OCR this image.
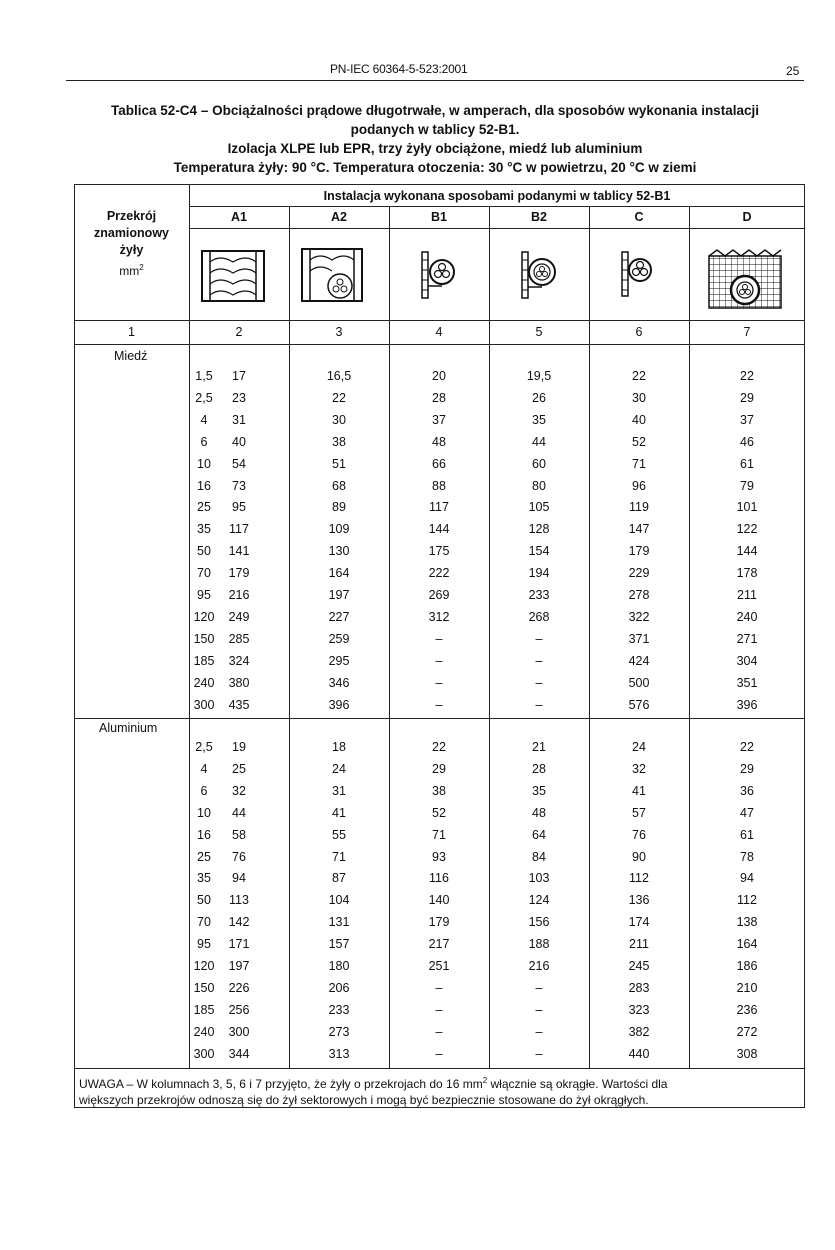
PN-IEC 60364-5-523:2001	25
Tablica 52-C4 – Obciążalności prądowe długotrwałe, w amperach, dla sposobów wykonania instalacji
podanych w tablicy 52-B1.
Izolacja XLPE lub EPR, trzy żyły obciążone, miedź lub aluminium
Temperatura żyły: 90 °C. Temperatura otoczenia: 30 °C w powietrzu, 20 °C w ziemi
Przekrój
znamionowy
żyły
$mm^2$
Instalacja wykonana sposobami podanymi w tablicy 52-B1
A1	A2	B1	B2	C	D
1	2	3	4	5	6	7
Miedź
1,5	17	16,5	20	19,5	22	22
2,5	23	22	28	26	30	29
4	31	30	37	35	40	37
6	40	38	48	44	52	46
10	54	51	66	60	71	61
16	73	68	88	80	96	79
25	95	89	117	105	119	101
35	117	109	144	128	147	122
50	141	130	175	154	179	144
70	179	164	222	194	229	178
95	216	197	269	233	278	211
120	249	227	312	268	322	240
150	285	259	–	–	371	271
185	324	295	–	–	424	304
240	380	346	–	–	500	351
300	435	396	–	–	576	396
Aluminium
2,5	19	18	22	21	24	22
4	25	24	29	28	32	29
6	32	31	38	35	41	36
10	44	41	52	48	57	47
16	58	55	71	64	76	61
25	76	71	93	84	90	78
35	94	87	116	103	112	94
50	113	104	140	124	136	112
70	142	131	179	156	174	138
95	171	157	217	188	211	164
120	197	180	251	216	245	186
150	226	206	–	–	283	210
185	256	233	–	–	323	236
240	300	273	–	–	382	272
300	344	313	–	–	440	308
UWAGA – W kolumnach 3, 5, 6 i 7 przyjęto, że żyły o przekrojach do 16 $mm^2$ włącznie są okrągłe. Wartości dla
większych przekrojów odnoszą się do żył sektorowych i mogą być bezpiecznie stosowane do żył okrągłych.
